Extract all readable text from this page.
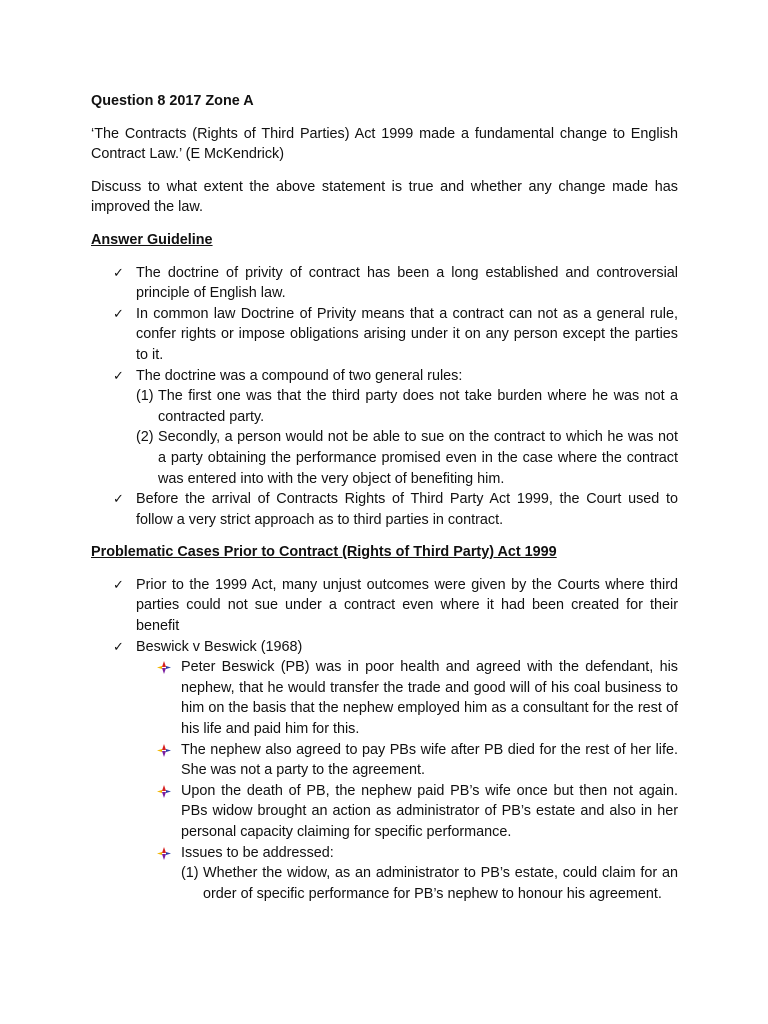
Question 8 2017 Zone A

‘The Contracts (Rights of Third Parties) Act 1999 made a fundamental change to English Contract Law.’ (E McKendrick)

Discuss to what extent the above statement is true and whether any change made has improved the law.

Answer Guideline

✓ The doctrine of privity of contract has been a long established and controversial principle of English law.
✓ In common law Doctrine of Privity means that a contract can not as a general rule, confer rights or impose obligations arising under it on any person except the parties to it.
✓ The doctrine was a compound of two general rules:
(1) The first one was that the third party does not take burden where he was not a contracted party.
(2) Secondly, a person would not be able to sue on the contract to which he was not a party obtaining the performance promised even in the case where the contract was entered into with the very object of benefiting him.
✓ Before the arrival of Contracts Rights of Third Party Act 1999, the Court used to follow a very strict approach as to third parties in contract.

Problematic Cases Prior to Contract (Rights of Third Party) Act 1999

✓ Prior to the 1999 Act, many unjust outcomes were given by the Courts where third parties could not sue under a contract even where it had been created for their benefit
✓ Beswick v Beswick (1968)
Peter Beswick (PB) was in poor health and agreed with the defendant, his nephew, that he would transfer the trade and good will of his coal business to him on the basis that the nephew employed him as a consultant for the rest of his life and paid him for this.
The nephew also agreed to pay PBs wife after PB died for the rest of her life. She was not a party to the agreement.
Upon the death of PB, the nephew paid PB’s wife once but then not again. PBs widow brought an action as administrator of PB’s estate and also in her personal capacity claiming for specific performance.
Issues to be addressed:
(1) Whether the widow, as an administrator to PB’s estate, could claim for an order of specific performance for PB’s nephew to honour his agreement.
